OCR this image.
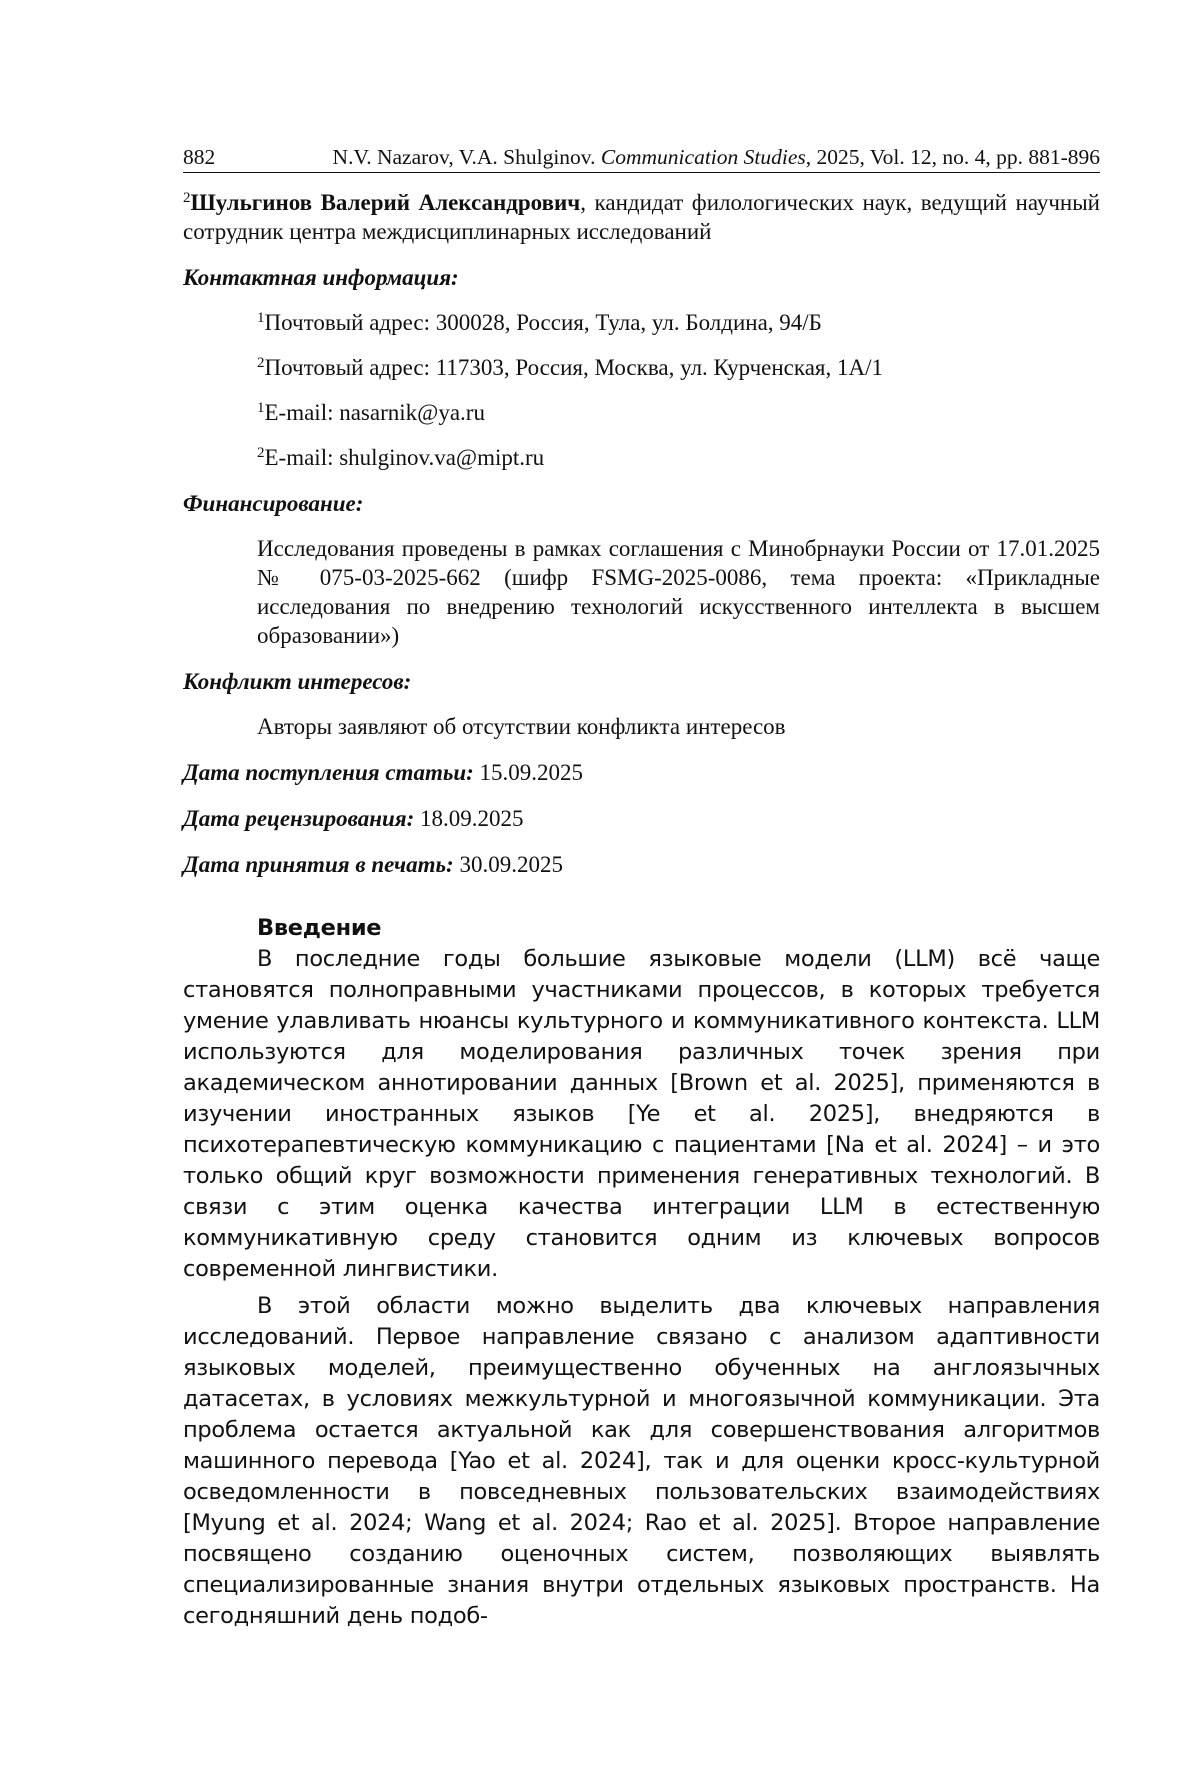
882	N.V. Nazarov, V.A. Shulginov. Communication Studies, 2025, Vol. 12, no. 4, pp. 881-896

$^2$Шульгинов Валерий Александрович, кандидат филологических наук, ведущий научный сотрудник центра междисциплинарных исследований

Контактная информация:

$^1$Почтовый адрес: 300028, Россия, Тула, ул. Болдина, 94/Б

$^2$Почтовый адрес: 117303, Россия, Москва, ул. Курченская, 1А/1

$^1$E-mail: nasarnik@ya.ru

$^2$E-mail: shulginov.va@mipt.ru

Финансирование:

Исследования проведены в рамках соглашения с Минобрнауки России от 17.01.2025 № 075-03-2025-662 (шифр FSMG-2025-0086, тема проекта: «Прикладные исследования по внедрению технологий искусственного интеллекта в высшем образовании»)

Конфликт интересов:

Авторы заявляют об отсутствии конфликта интересов

Дата поступления статьи: 15.09.2025

Дата рецензирования: 18.09.2025

Дата принятия в печать: 30.09.2025

Введение

В последние годы большие языковые модели (LLM) всё чаще становятся полноправными участниками процессов, в которых требуется умение улавливать нюансы культурного и коммуникативного контекста. LLM используются для моделирования различных точек зрения при академическом аннотировании данных [Brown et al. 2025], применяются в изучении иностранных языков [Ye et al. 2025], внедряются в психотерапевтическую коммуникацию с пациентами [Na et al. 2024] – и это только общий круг возможности применения генеративных технологий. В связи с этим оценка качества интеграции LLM в естественную коммуникативную среду становится одним из ключевых вопросов современной лингвистики.

В этой области можно выделить два ключевых направления исследований. Первое направление связано с анализом адаптивности языковых моделей, преимущественно обученных на англоязычных датасетах, в условиях межкультурной и многоязычной коммуникации. Эта проблема остается актуальной как для совершенствования алгоритмов машинного перевода [Yao et al. 2024], так и для оценки кросс-культурной осведомленности в повседневных пользовательских взаимодействиях [Myung et al. 2024; Wang et al. 2024; Rao et al. 2025]. Второе направление посвящено созданию оценочных систем, позволяющих выявлять специализированные знания внутри отдельных языковых пространств. На сегодняшний день подоб-
